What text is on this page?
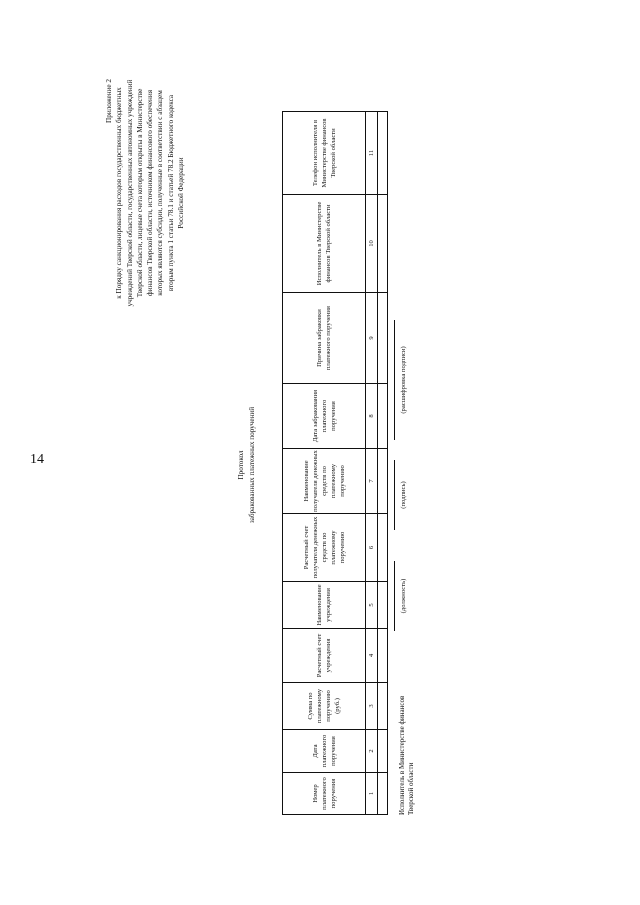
14
Приложение 2 к Порядку санкционирования расходов государственных бюджетных учреждений Тверской области, государственных автономных учреждений Тверской области, лицевые счета которым открыты в Министерстве финансов Тверской области, источником финансового обеспечения которых являются субсидии, полученные в соответствии с абзацем вторым пункта 1 статьи 78.1 и статьей 78.2 Бюджетного кодекса Российской Федерации
Протокол забракованных платежных поручений
Номер платежного поручения	Дата платежного поручения	Сумма по платежному поручению (руб.)	Расчетный счет учреждения	Наименование учреждения	Расчетный счет получателя денежных средств по платежному поручению	Наименование получателя денежных средств по платежному поручению	Дата забракования платежного поручения	Причина забраковки платежного поручения	Исполнитель в Министерстве финансов Тверской области	Телефон исполнителя в Министерстве финансов Тверской области
1	2	3	4	5	6	7	8	9	10	11

Исполнитель в Министерстве финансов Тверской области
(должность)
(подпись)
(расшифровка подписи)
